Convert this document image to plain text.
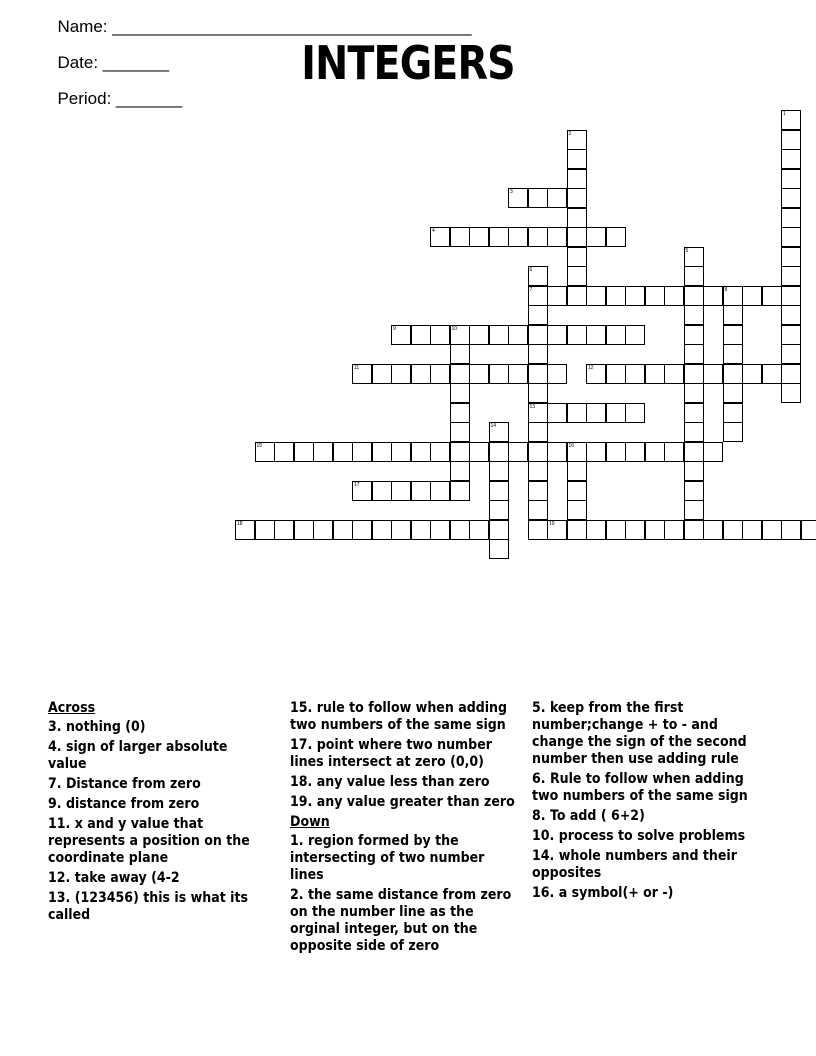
Name: ______________________________________

Date: _______

Period: _______

INTEGERS
3
4
7	8
9	10
11	12
13
15	16
17
18	19
1
2
5
6
14
Across
3. nothing (0)
4. sign of larger absolute value
7. Distance from zero
9. distance from zero
11. x and y value that represents a position on the coordinate plane
12. take away (4-2
13. (123456) this is what its called
15. rule to follow when adding two numbers of the same sign
17. point where two number lines intersect at zero (0,0)
18. any value less than zero
19. any value greater than zero
Down
1. region formed by the intersecting of two number lines
2. the same distance from zero on the number line as the orginal integer, but on the opposite side of zero
5. keep from the first number;change + to - and change the sign of the second number then use adding rule
6. Rule to follow when adding two numbers of the same sign
8. To add ( 6+2)
10. process to solve problems
14. whole numbers and their opposites
16. a symbol(+ or -)
